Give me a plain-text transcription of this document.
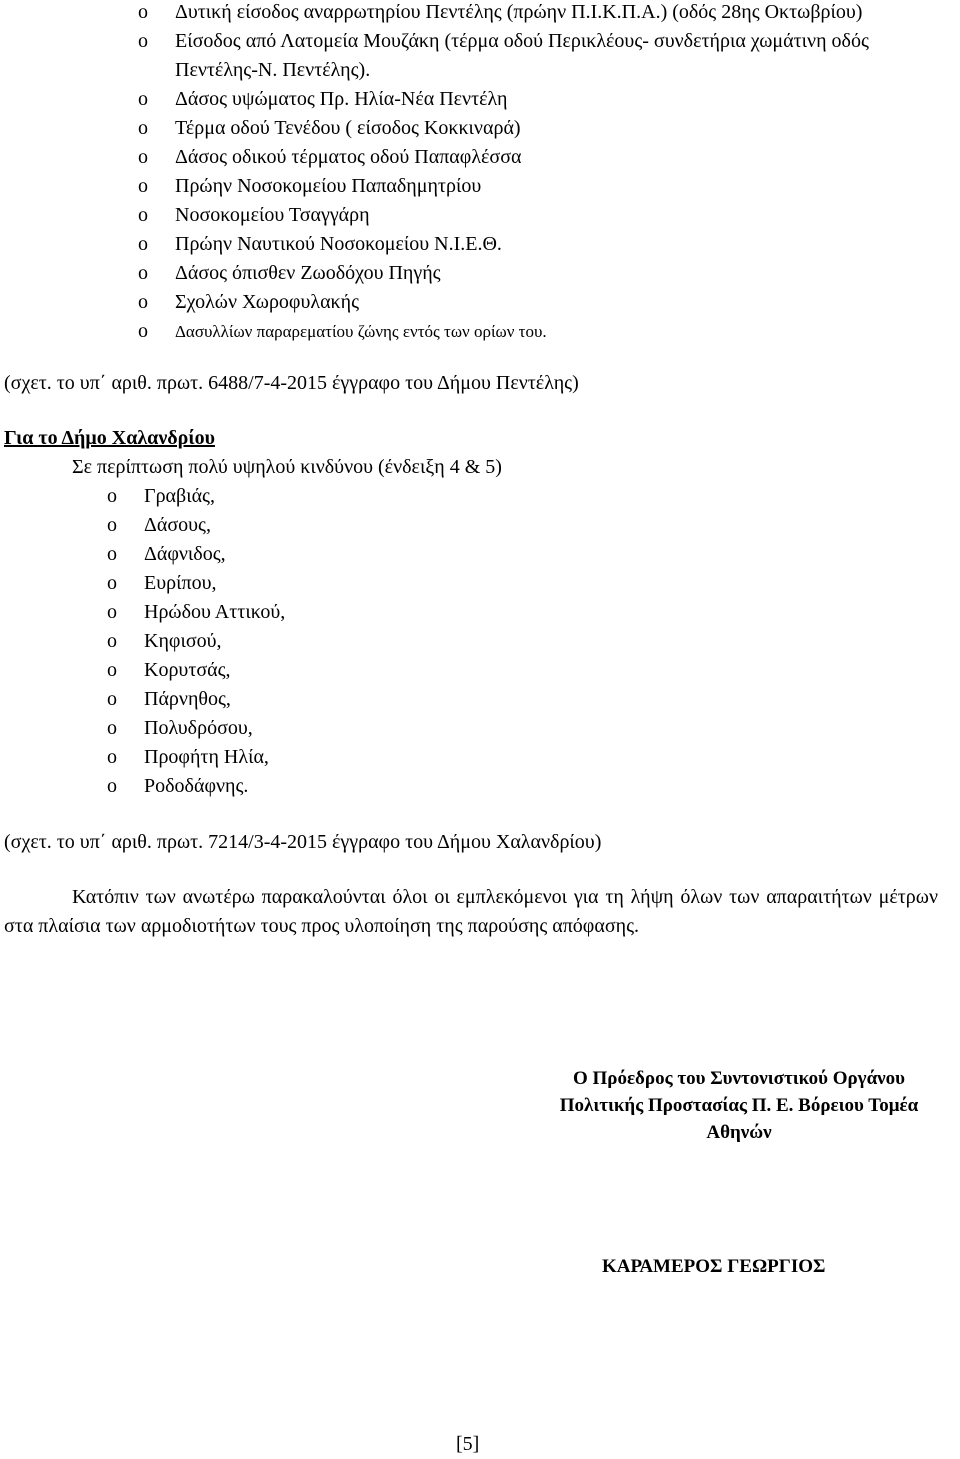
o Δυτική είσοδος αναρρωτηρίου Πεντέλης (πρώην Π.Ι.Κ.Π.Α.) (οδός 28ης Οκτωβρίου)
o Είσοδος από Λατομεία Μουζάκη (τέρμα οδού Περικλέους- συνδετήρια χωμάτινη οδός Πεντέλης-Ν. Πεντέλης).
o Δάσος υψώματος Πρ. Ηλία-Νέα Πεντέλη
o Τέρμα οδού Τενέδου ( είσοδος Κοκκιναρά)
o Δάσος οδικού τέρματος οδού Παπαφλέσσα
o Πρώην Νοσοκομείου Παπαδημητρίου
o Νοσοκομείου Τσαγγάρη
o Πρώην Ναυτικού Νοσοκομείου Ν.Ι.Ε.Θ.
o Δάσος όπισθεν Ζωοδόχου Πηγής
o Σχολών Χωροφυλακής
o Δασυλλίων παραρεματίου ζώνης εντός των ορίων του.
(σχετ. το υπ΄ αριθ. πρωτ. 6488/7-4-2015 έγγραφο του Δήμου Πεντέλης)
Για το Δήμο Χαλανδρίου
Σε περίπτωση πολύ υψηλού κινδύνου (ένδειξη 4 & 5)
o Γραβιάς,
o Δάσους,
o Δάφνιδος,
o Ευρίπου,
o Ηρώδου Αττικού,
o Κηφισού,
o Κορυτσάς,
o Πάρνηθος,
o Πολυδρόσου,
o Προφήτη Ηλία,
o Ροδοδάφνης.
(σχετ. το υπ΄ αριθ. πρωτ. 7214/3-4-2015 έγγραφο του Δήμου Χαλανδρίου)

Κατόπιν των ανωτέρω παρακαλούνται όλοι οι εμπλεκόμενοι για τη λήψη όλων των απαραιτήτων μέτρων στα πλαίσια των αρμοδιοτήτων τους προς υλοποίηση της παρούσης απόφασης.

Ο Πρόεδρος του Συντονιστικού Οργάνου
Πολιτικής Προστασίας Π. Ε. Βόρειου Τομέα
Αθηνών
ΚΑΡΑΜΕΡΟΣ ΓΕΩΡΓΙΟΣ
[5]
